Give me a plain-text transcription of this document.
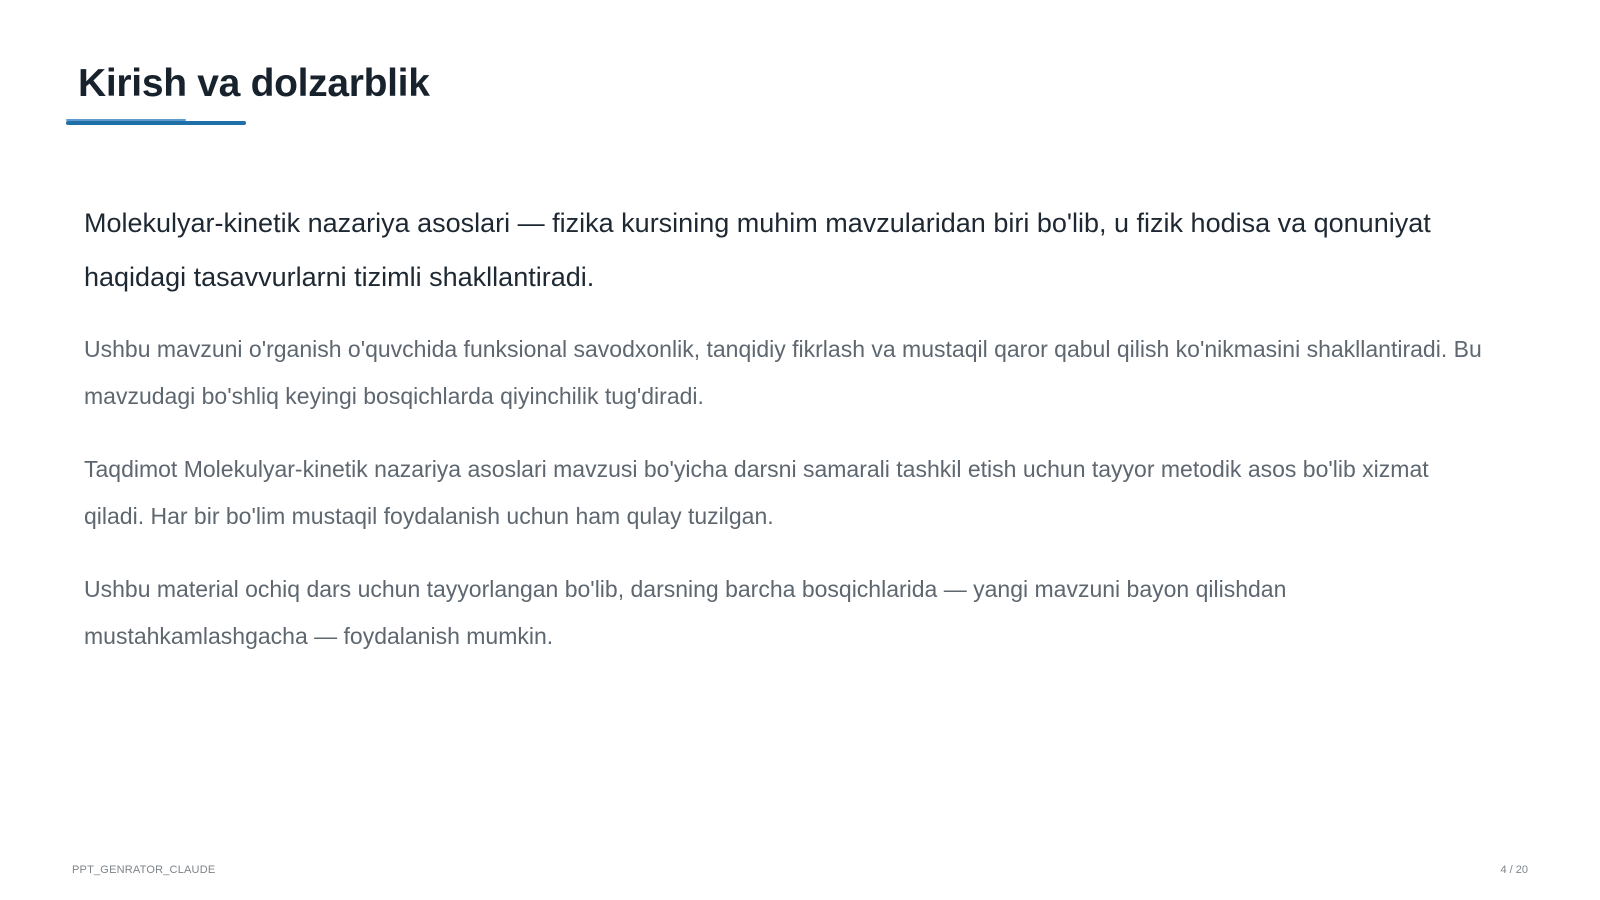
Kirish va dolzarblik

Molekulyar-kinetik nazariya asoslari — fizika kursining muhim mavzularidan biri bo'lib, u fizik hodisa va qonuniyat haqidagi tasavvurlarni tizimli shakllantiradi.

Ushbu mavzuni o'rganish o'quvchida funksional savodxonlik, tanqidiy fikrlash va mustaqil qaror qabul qilish ko'nikmasini shakllantiradi. Bu mavzudagi bo'shliq keyingi bosqichlarda qiyinchilik tug'diradi.

Taqdimot Molekulyar-kinetik nazariya asoslari mavzusi bo'yicha darsni samarali tashkil etish uchun tayyor metodik asos bo'lib xizmat qiladi. Har bir bo'lim mustaqil foydalanish uchun ham qulay tuzilgan.

Ushbu material ochiq dars uchun tayyorlangan bo'lib, darsning barcha bosqichlarida — yangi mavzuni bayon qilishdan mustahkamlashgacha — foydalanish mumkin.

PPT_GENRATOR_CLAUDE	4 / 20
